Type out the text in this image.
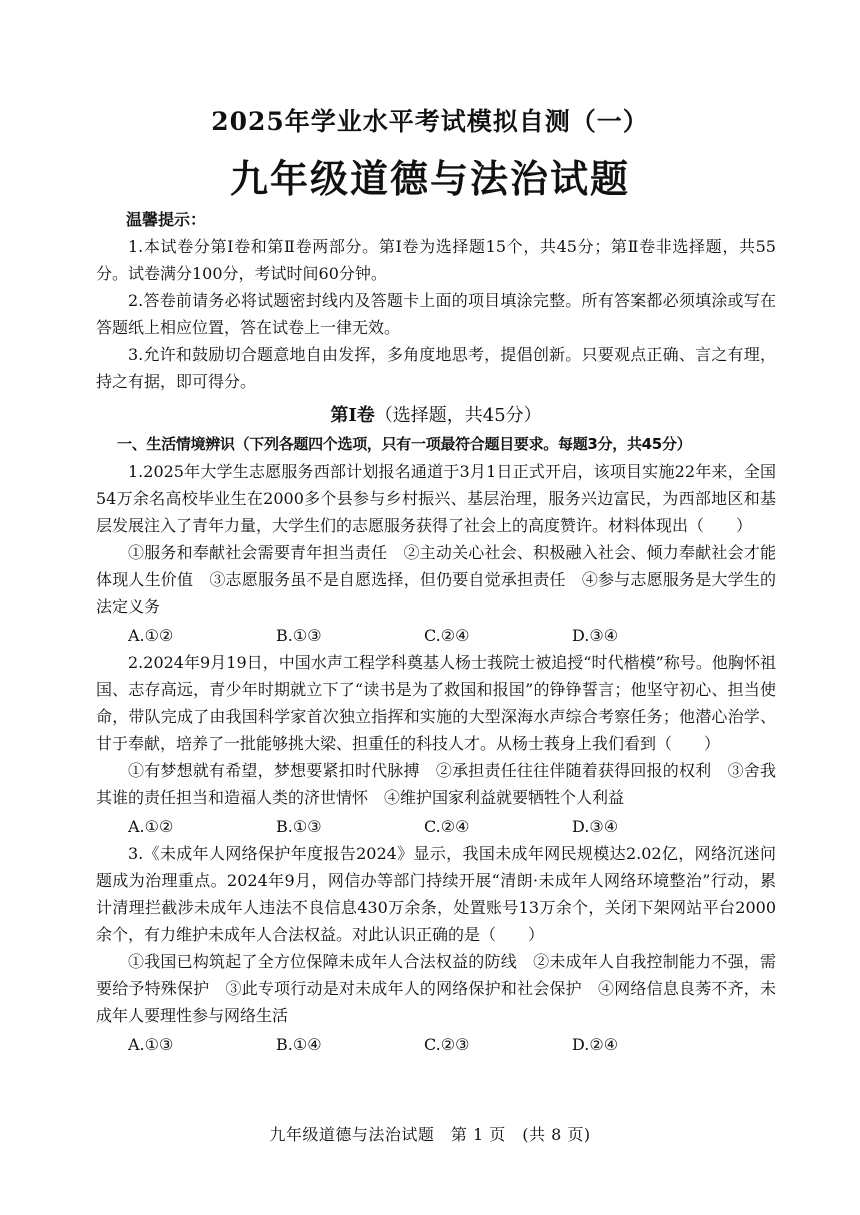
2025年学业水平考试模拟自测（一）
九年级道德与法治试题
温馨提示：

1.本试卷分第Ⅰ卷和第Ⅱ卷两部分。第Ⅰ卷为选择题15个，共45分；第Ⅱ卷非选择题，共55分。试卷满分100分，考试时间60分钟。

2.答卷前请务必将试题密封线内及答题卡上面的项目填涂完整。所有答案都必须填涂或写在答题纸上相应位置，答在试卷上一律无效。

3.允许和鼓励切合题意地自由发挥，多角度地思考，提倡创新。只要观点正确、言之有理，持之有据，即可得分。

第Ⅰ卷（选择题，共45分）
一、生活情境辨识（下列各题四个选项，只有一项最符合题目要求。每题3分，共45分）
1.2025年大学生志愿服务西部计划报名通道于3月1日正式开启，该项目实施22年来，全国54万余名高校毕业生在2000多个县参与乡村振兴、基层治理，服务兴边富民，为西部地区和基层发展注入了青年力量，大学生们的志愿服务获得了社会上的高度赞许。材料体现出（　　）
①服务和奉献社会需要青年担当责任　②主动关心社会、积极融入社会、倾力奉献社会才能体现人生价值　③志愿服务虽不是自愿选择，但仍要自觉承担责任　④参与志愿服务是大学生的法定义务
A.①②	B.①③	C.②④	D.③④
2.2024年9月19日，中国水声工程学科奠基人杨士莪院士被追授“时代楷模”称号。他胸怀祖国、志存高远，青少年时期就立下了“读书是为了救国和报国”的铮铮誓言；他坚守初心、担当使命，带队完成了由我国科学家首次独立指挥和实施的大型深海水声综合考察任务；他潜心治学、甘于奉献，培养了一批能够挑大梁、担重任的科技人才。从杨士莪身上我们看到（　　）
①有梦想就有希望，梦想要紧扣时代脉搏　②承担责任往往伴随着获得回报的权利　③舍我其谁的责任担当和造福人类的济世情怀　④维护国家利益就要牺牲个人利益
A.①②	B.①③	C.②④	D.③④
3.《未成年人网络保护年度报告2024》显示，我国未成年网民规模达2.02亿，网络沉迷问题成为治理重点。2024年9月，网信办等部门持续开展“清朗·未成年人网络环境整治”行动，累计清理拦截涉未成年人违法不良信息430万余条，处置账号13万余个，关闭下架网站平台2000余个，有力维护未成年人合法权益。对此认识正确的是（　　）
①我国已构筑起了全方位保障未成年人合法权益的防线　②未成年人自我控制能力不强，需要给予特殊保护　③此专项行动是对未成年人的网络保护和社会保护　④网络信息良莠不齐，未成年人要理性参与网络生活
A.①③	B.①④	C.②③	D.②④
九年级道德与法治试题　第 1 页　(共 8 页)
